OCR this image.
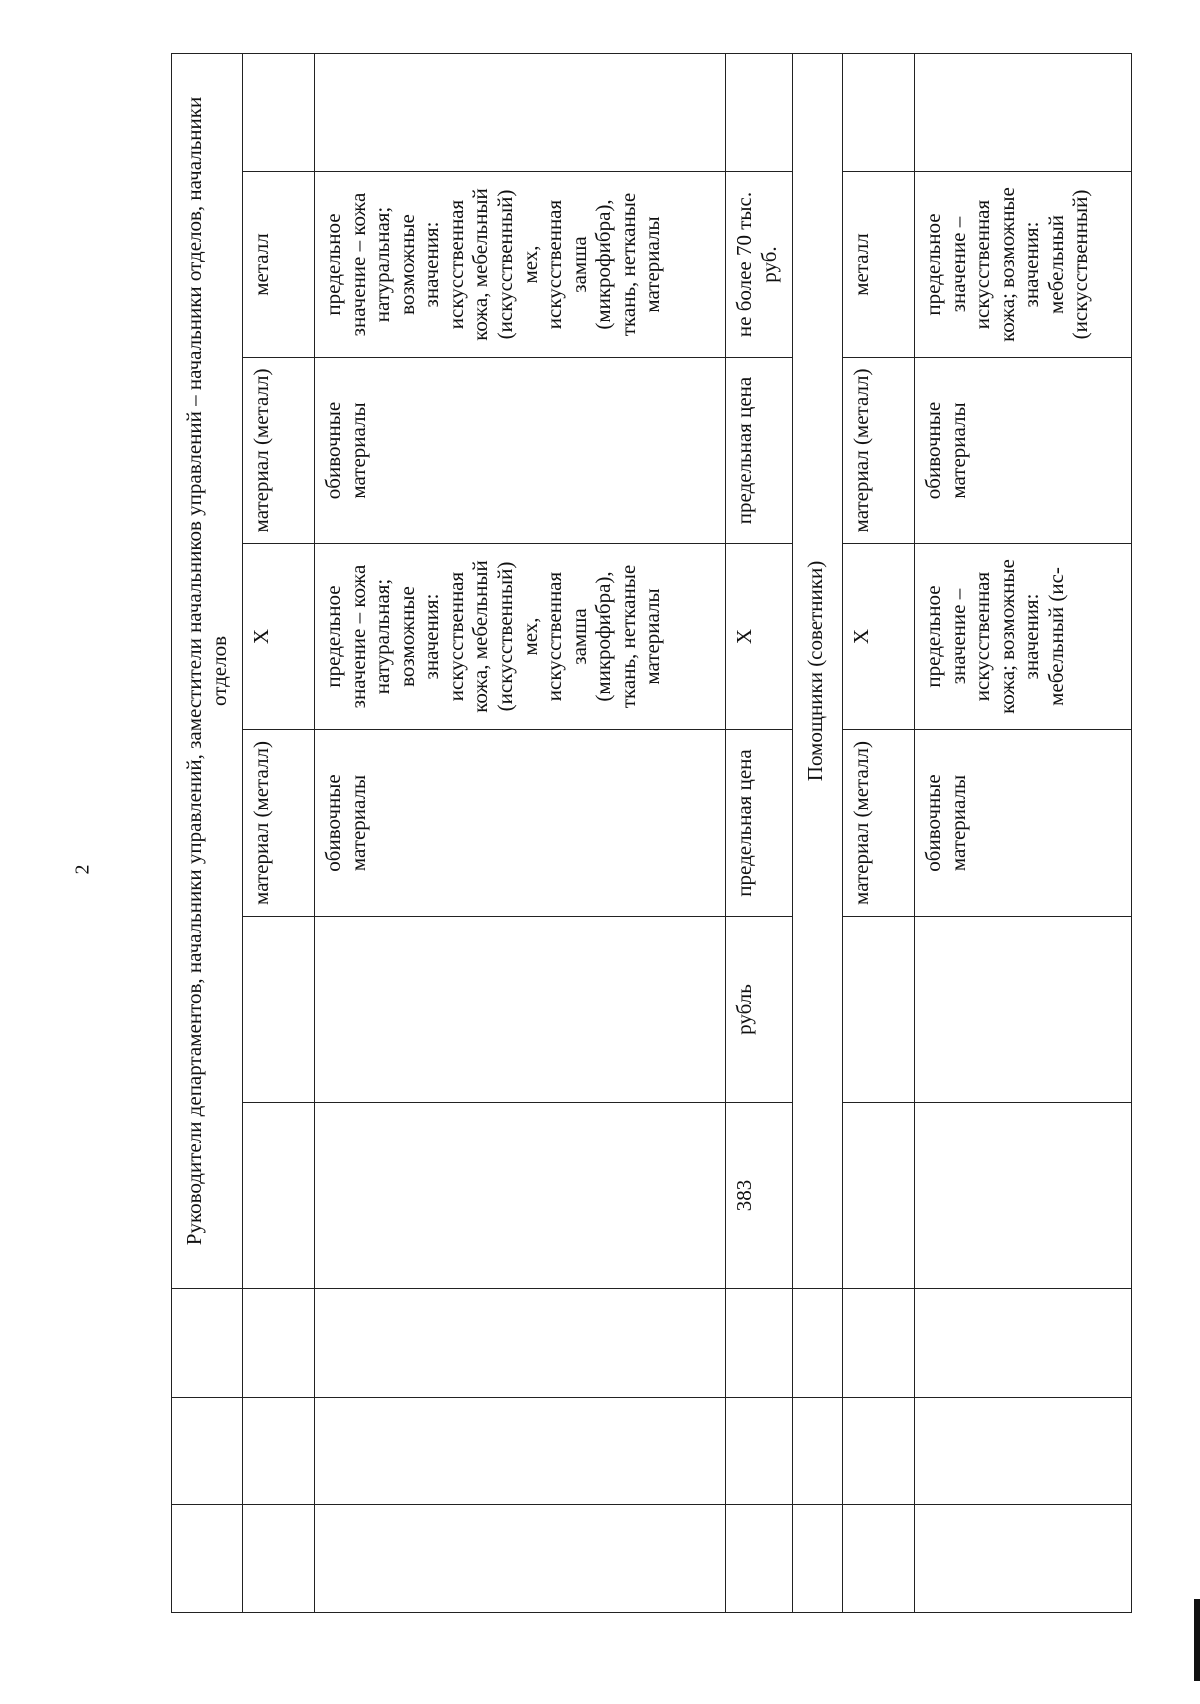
2
				Руководители департаментов, начальники управлений, заместители начальников управлений – начальники отделов, начальники отделов						
					материал (металл)	X	материал (металл)	металл	
					обивочные материалы	предельное значение – кожа натуральная; возможные значения: искусственная кожа, мебельный (искусственный) мех, искусственная замша (микрофибра), ткань, нетканые материалы	обивочные материалы	предельное значение – кожа натуральная; возможные значения: искусственная кожа, мебельный (искусственный) мех, искусственная замша (микрофибра), ткань, нетканые материалы	
			383	рубль	предельная цена	X	предельная цена	не более 70 тыс. руб.	
			Помощники (советники)						
					материал (металл)	X	материал (металл)	металл	
					обивочные материалы	предельное значение – искусственная кожа; возможные значения: мебельный (ис-	обивочные материалы	предельное значение – искусственная кожа; возможные значения: мебельный (искусственный)	
